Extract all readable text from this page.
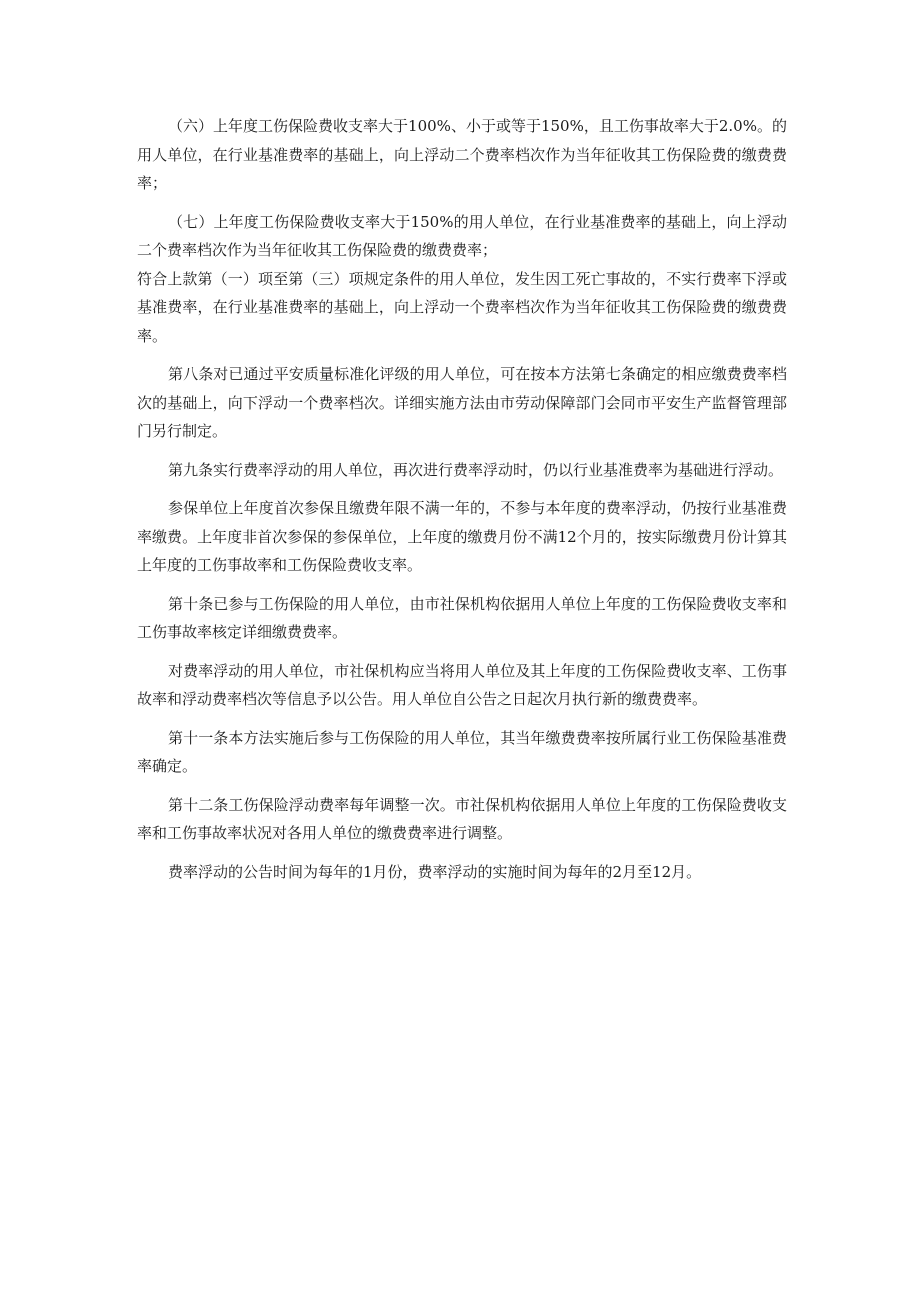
（六）上年度工伤保险费收支率大于100%、小于或等于150%，且工伤事故率大于2.0%。的用人单位，在行业基准费率的基础上，向上浮动二个费率档次作为当年征收其工伤保险费的缴费费率；

（七）上年度工伤保险费收支率大于150%的用人单位，在行业基准费率的基础上，向上浮动二个费率档次作为当年征收其工伤保险费的缴费费率；

符合上款第（一）项至第（三）项规定条件的用人单位，发生因工死亡事故的，不实行费率下浮或基准费率，在行业基准费率的基础上，向上浮动一个费率档次作为当年征收其工伤保险费的缴费费率。

第八条对已通过平安质量标准化评级的用人单位，可在按本方法第七条确定的相应缴费费率档次的基础上，向下浮动一个费率档次。详细实施方法由市劳动保障部门会同市平安生产监督管理部门另行制定。

第九条实行费率浮动的用人单位，再次进行费率浮动时，仍以行业基准费率为基础进行浮动。

参保单位上年度首次参保且缴费年限不满一年的，不参与本年度的费率浮动，仍按行业基准费率缴费。上年度非首次参保的参保单位，上年度的缴费月份不满12个月的，按实际缴费月份计算其上年度的工伤事故率和工伤保险费收支率。

第十条已参与工伤保险的用人单位，由市社保机构依据用人单位上年度的工伤保险费收支率和工伤事故率核定详细缴费费率。

对费率浮动的用人单位，市社保机构应当将用人单位及其上年度的工伤保险费收支率、工伤事故率和浮动费率档次等信息予以公告。用人单位自公告之日起次月执行新的缴费费率。

第十一条本方法实施后参与工伤保险的用人单位，其当年缴费费率按所属行业工伤保险基准费率确定。

第十二条工伤保险浮动费率每年调整一次。市社保机构依据用人单位上年度的工伤保险费收支率和工伤事故率状况对各用人单位的缴费费率进行调整。

费率浮动的公告时间为每年的1月份，费率浮动的实施时间为每年的2月至12月。
